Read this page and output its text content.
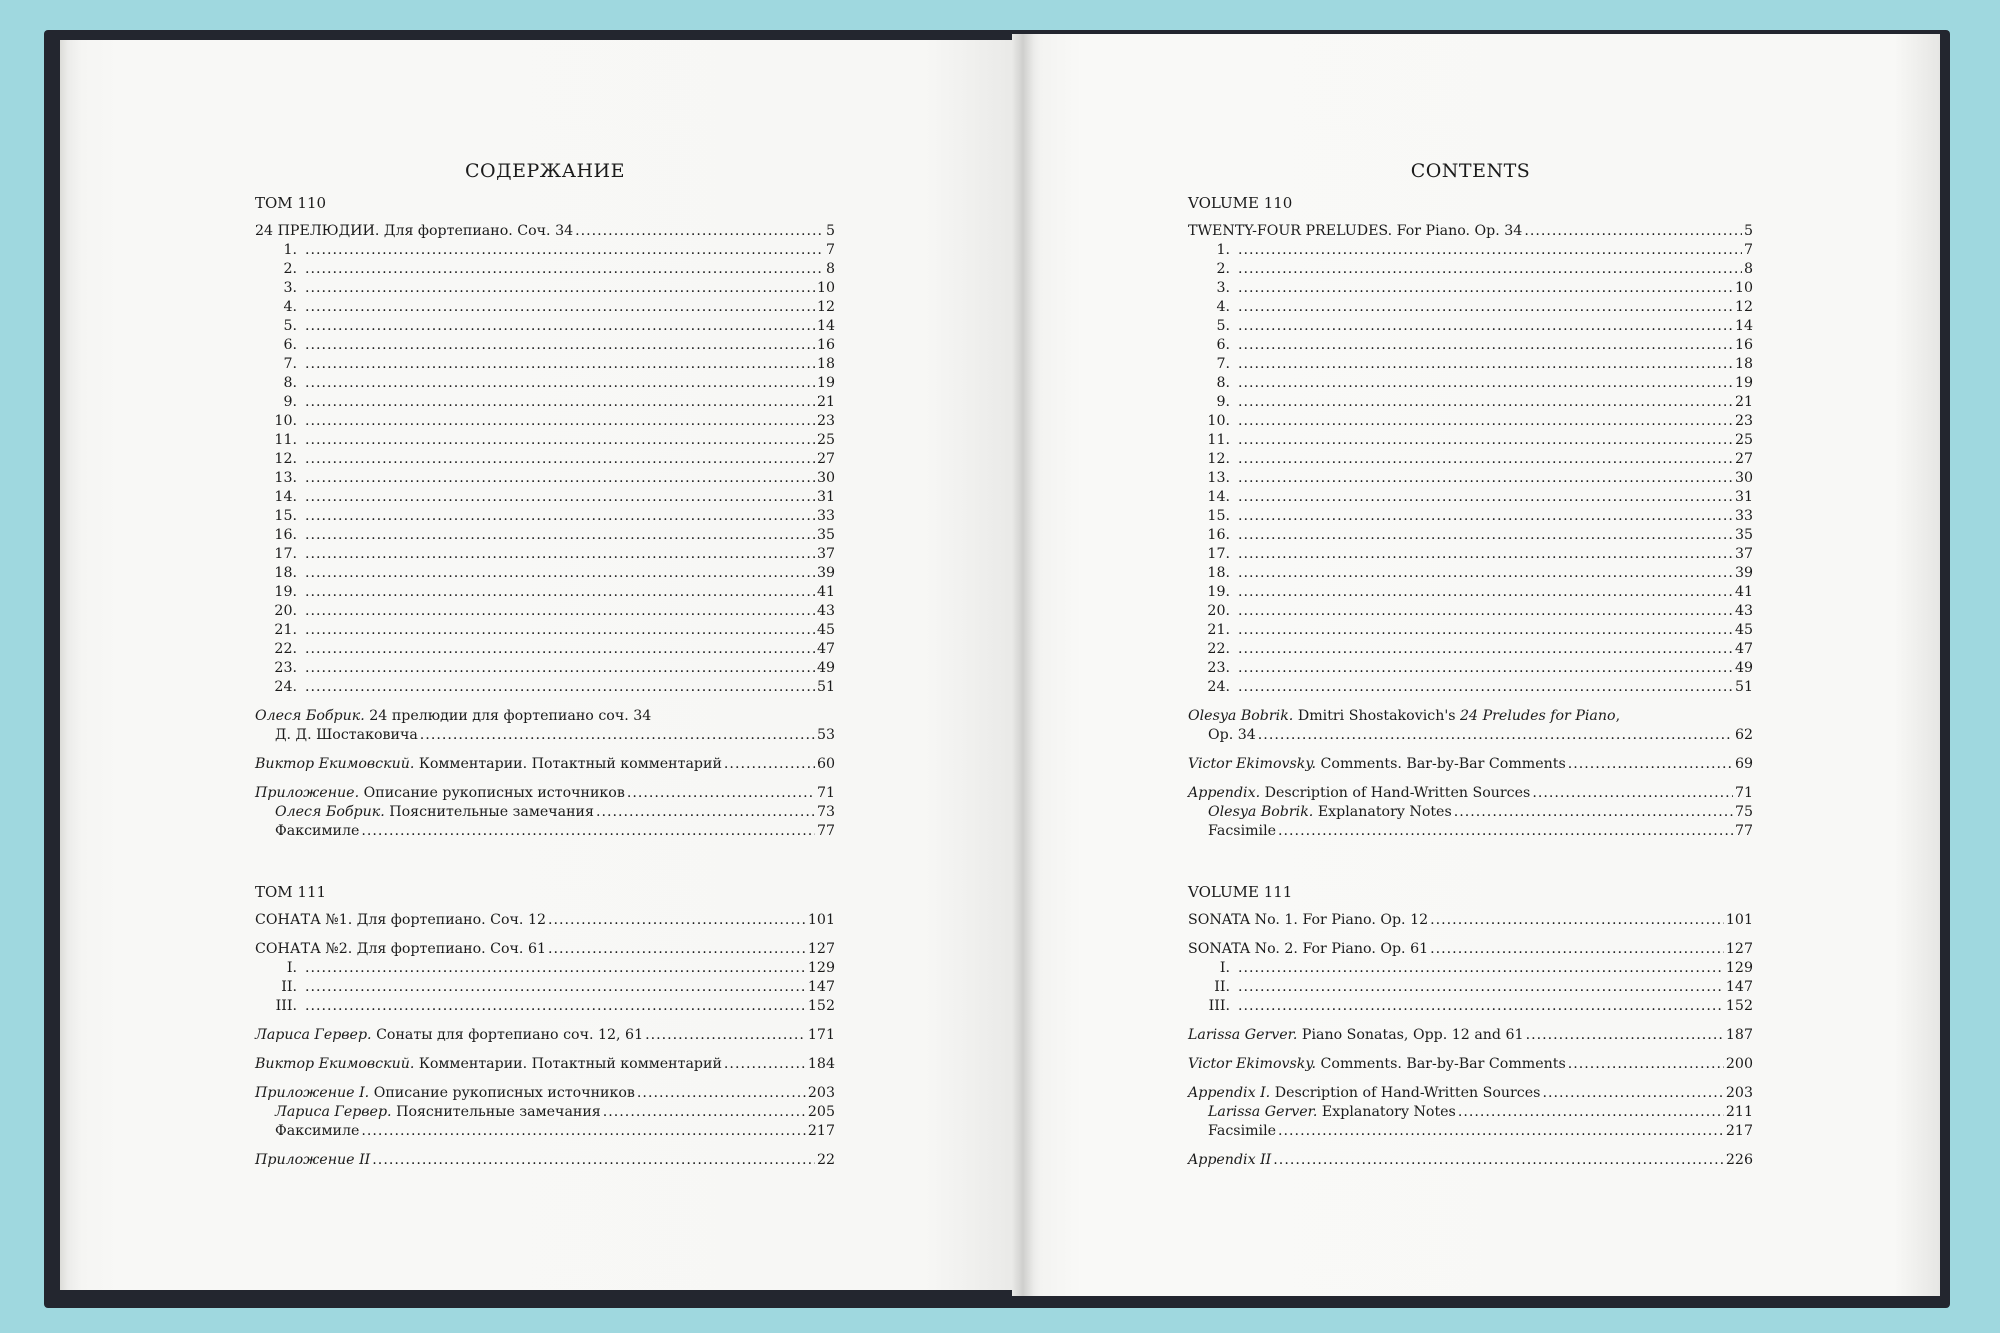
СОДЕРЖАНИЕ
ТОМ 110
24 ПРЕЛЮДИИ. Для фортепиано. Соч. 34 .....	5
1. .....	7
2. .....	8
3. .....	10
4. .....	12
5. .....	14
6. .....	16
7. .....	18
8. .....	19
9. .....	21
10. .....	23
11. .....	25
12. .....	27
13. .....	30
14. .....	31
15. .....	33
16. .....	35
17. .....	37
18. .....	39
19. .....	41
20. .....	43
21. .....	45
22. .....	47
23. .....	49
24. .....	51
Олеся Бобрик. 24 прелюдии для фортепиано соч. 34
Д. Д. Шостаковича .....	53
Виктор Екимовский. Комментарии. Потактный комментарий .....	60
Приложение. Описание рукописных источников .....	71
Олеся Бобрик. Пояснительные замечания .....	73
Факсимиле .....	77
ТОМ 111
СОНАТА №1. Для фортепиано. Соч. 12 .....	101
СОНАТА №2. Для фортепиано. Соч. 61 .....	127
I. .....	129
II. .....	147
III. .....	152
Лариса Гервер. Сонаты для фортепиано соч. 12, 61 .....	171
Виктор Екимовский. Комментарии. Потактный комментарий .....	184
Приложение I. Описание рукописных источников .....	203
Лариса Гервер. Пояснительные замечания .....	205
Факсимиле .....	217
Приложение II .....	22
CONTENTS
VOLUME 110
TWENTY-FOUR PRELUDES. For Piano. Op. 34 .....	5
1. .....	7
2. .....	8
3. .....	10
4. .....	12
5. .....	14
6. .....	16
7. .....	18
8. .....	19
9. .....	21
10. .....	23
11. .....	25
12. .....	27
13. .....	30
14. .....	31
15. .....	33
16. .....	35
17. .....	37
18. .....	39
19. .....	41
20. .....	43
21. .....	45
22. .....	47
23. .....	49
24. .....	51
Olesya Bobrik. Dmitri Shostakovich's 24 Preludes for Piano,
Op. 34 .....	62
Victor Ekimovsky. Comments. Bar-by-Bar Comments .....	69
Appendix. Description of Hand-Written Sources .....	71
Olesya Bobrik. Explanatory Notes .....	75
Facsimile .....	77
VOLUME 111
SONATA No. 1. For Piano. Op. 12 .....	101
SONATA No. 2. For Piano. Op. 61 .....	127
I. .....	129
II. .....	147
III. .....	152
Larissa Gerver. Piano Sonatas, Opp. 12 and 61 .....	187
Victor Ekimovsky. Comments. Bar-by-Bar Comments .....	200
Appendix I. Description of Hand-Written Sources .....	203
Larissa Gerver. Explanatory Notes .....	211
Facsimile .....	217
Appendix II .....	226
